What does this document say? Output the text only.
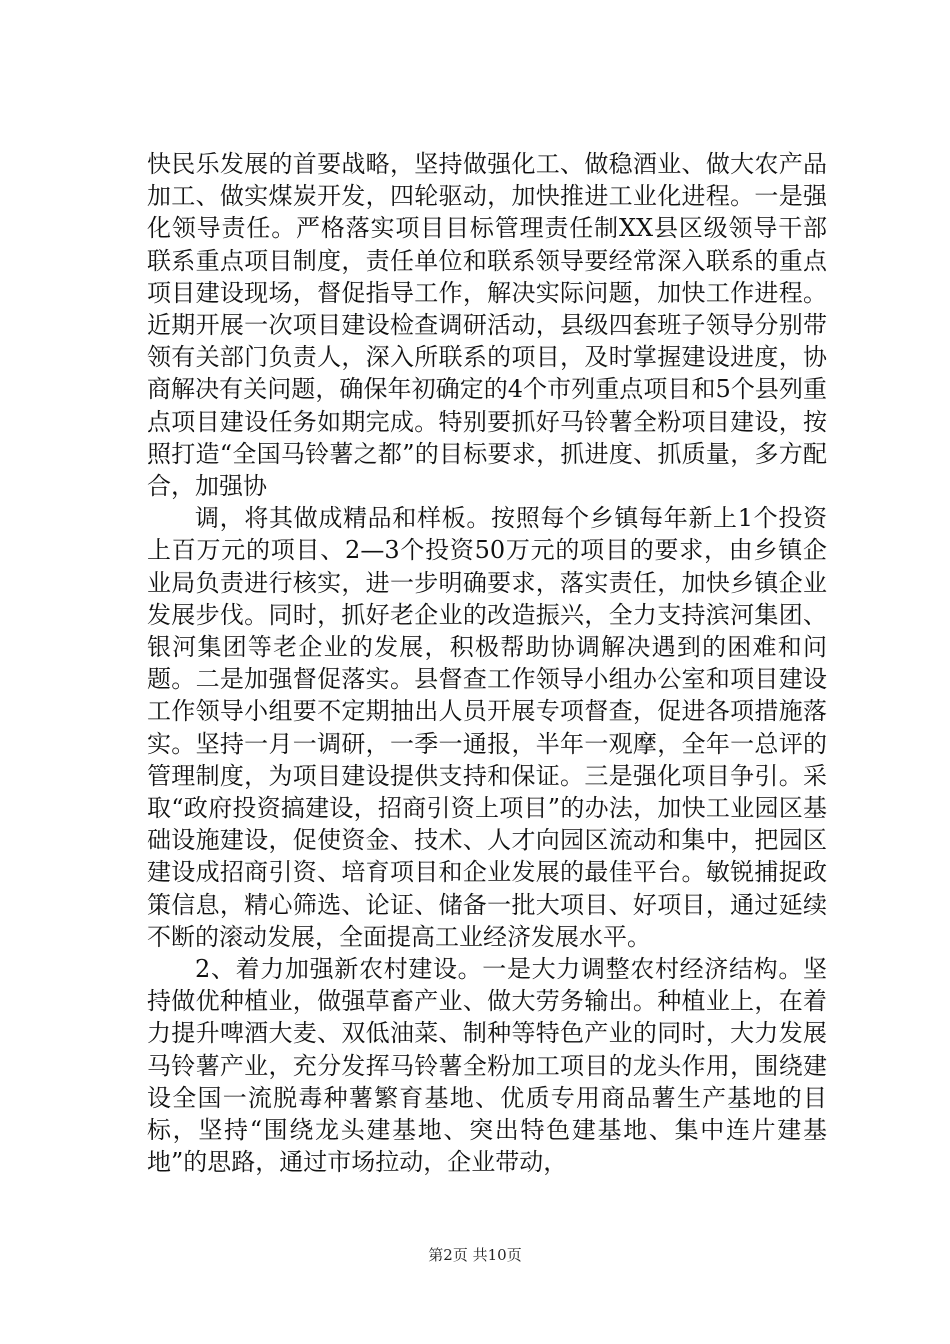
快民乐发展的首要战略，坚持做强化工、做稳酒业、做大农产品加工、做实煤炭开发，四轮驱动，加快推进工业化进程。一是强化领导责任。严格落实项目目标管理责任制XX县区级领导干部联系重点项目制度，责任单位和联系领导要经常深入联系的重点项目建设现场，督促指导工作，解决实际问题，加快工作进程。近期开展一次项目建设检查调研活动，县级四套班子领导分别带领有关部门负责人，深入所联系的项目，及时掌握建设进度，协商解决有关问题，确保年初确定的4个市列重点项目和5个县列重点项目建设任务如期完成。特别要抓好马铃薯全粉项目建设，按照打造“全国马铃薯之都”的目标要求，抓进度、抓质量，多方配合，加强协

调，将其做成精品和样板。按照每个乡镇每年新上1个投资上百万元的项目、2—3个投资50万元的项目的要求，由乡镇企业局负责进行核实，进一步明确要求，落实责任，加快乡镇企业发展步伐。同时，抓好老企业的改造振兴，全力支持滨河集团、银河集团等老企业的发展，积极帮助协调解决遇到的困难和问题。二是加强督促落实。县督查工作领导小组办公室和项目建设工作领导小组要不定期抽出人员开展专项督查，促进各项措施落实。坚持一月一调研，一季一通报，半年一观摩，全年一总评的管理制度，为项目建设提供支持和保证。三是强化项目争引。采取“政府投资搞建设，招商引资上项目”的办法，加快工业园区基础设施建设，促使资金、技术、人才向园区流动和集中，把园区建设成招商引资、培育项目和企业发展的最佳平台。敏锐捕捉政策信息，精心筛选、论证、储备一批大项目、好项目，通过延续不断的滚动发展，全面提高工业经济发展水平。

2、着力加强新农村建设。一是大力调整农村经济结构。坚持做优种植业，做强草畜产业、做大劳务输出。种植业上，在着力提升啤酒大麦、双低油菜、制种等特色产业的同时，大力发展马铃薯产业，充分发挥马铃薯全粉加工项目的龙头作用，围绕建设全国一流脱毒种薯繁育基地、优质专用商品薯生产基地的目标，坚持“围绕龙头建基地、突出特色建基地、集中连片建基地”的思路，通过市场拉动，企业带动，

第2页 共10页
